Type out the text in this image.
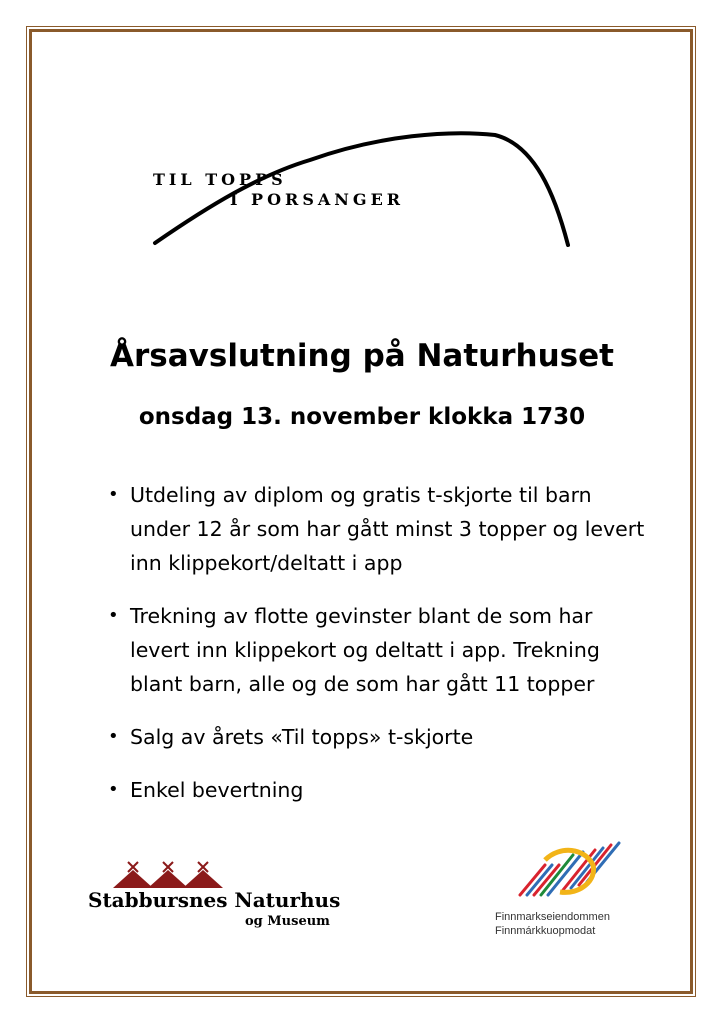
TIL TOPPS
I PORSANGER
Årsavslutning på Naturhuset
onsdag 13. november klokka 1730
• Utdeling av diplom og gratis t-skjorte til barn under 12 år som har gått minst 3 topper og levert inn klippekort/deltatt i app
• Trekning av flotte gevinster blant de som har levert inn klippekort og deltatt i app. Trekning blant barn, alle og de som har gått 11 topper
• Salg av årets «Til topps» t-skjorte
• Enkel bevertning
Stabbursnes Naturhus
og Museum	Finnmarkseiendommen
Finnmárkkuopmodat
